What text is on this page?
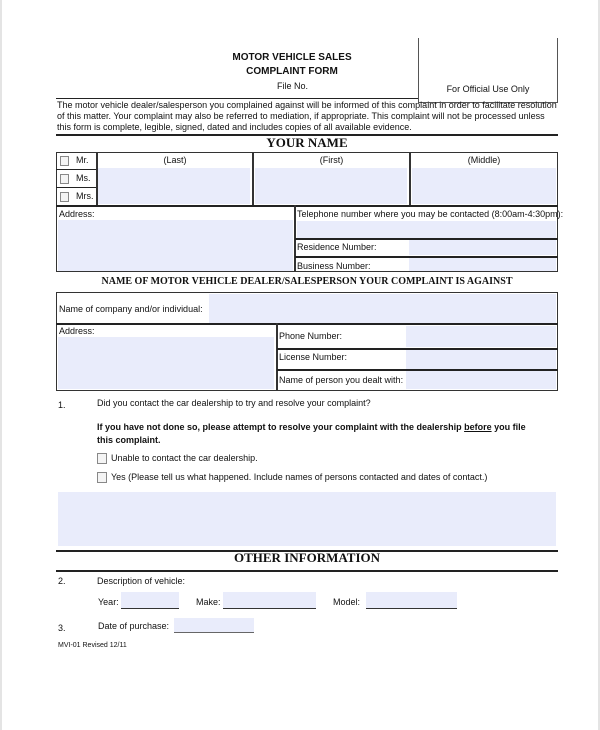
MOTOR VEHICLE SALES
COMPLAINT FORM
File No.	For Official Use Only
The motor vehicle dealer/salesperson you complained against will be informed of this complaint in order to facilitate resolution of this matter. Your complaint may also be referred to mediation, if appropriate. This complaint will not be processed unless this form is complete, legible, signed, dated and includes copies of all available evidence.
YOUR NAME
Mr.
Ms.
Mrs.
(Last)	(First)	(Middle)
Address:	Telephone number where you may be contacted (8:00am-4:30pm):
Residence Number:
Business Number:
NAME OF MOTOR VEHICLE DEALER/SALESPERSON YOUR COMPLAINT IS AGAINST
Name of company and/or individual:
Address:	Phone Number:
License Number:
Name of person you dealt with:
1.	Did you contact the car dealership to try and resolve your complaint?
If you have not done so, please attempt to resolve your complaint with the dealership before you file this complaint.
Unable to contact the car dealership.
Yes (Please tell us what happened. Include names of persons contacted and dates of contact.)
OTHER INFORMATION
2.	Description of vehicle:
Year:	Make:	Model:
3.	Date of purchase:
MVI-01 Revised 12/11
